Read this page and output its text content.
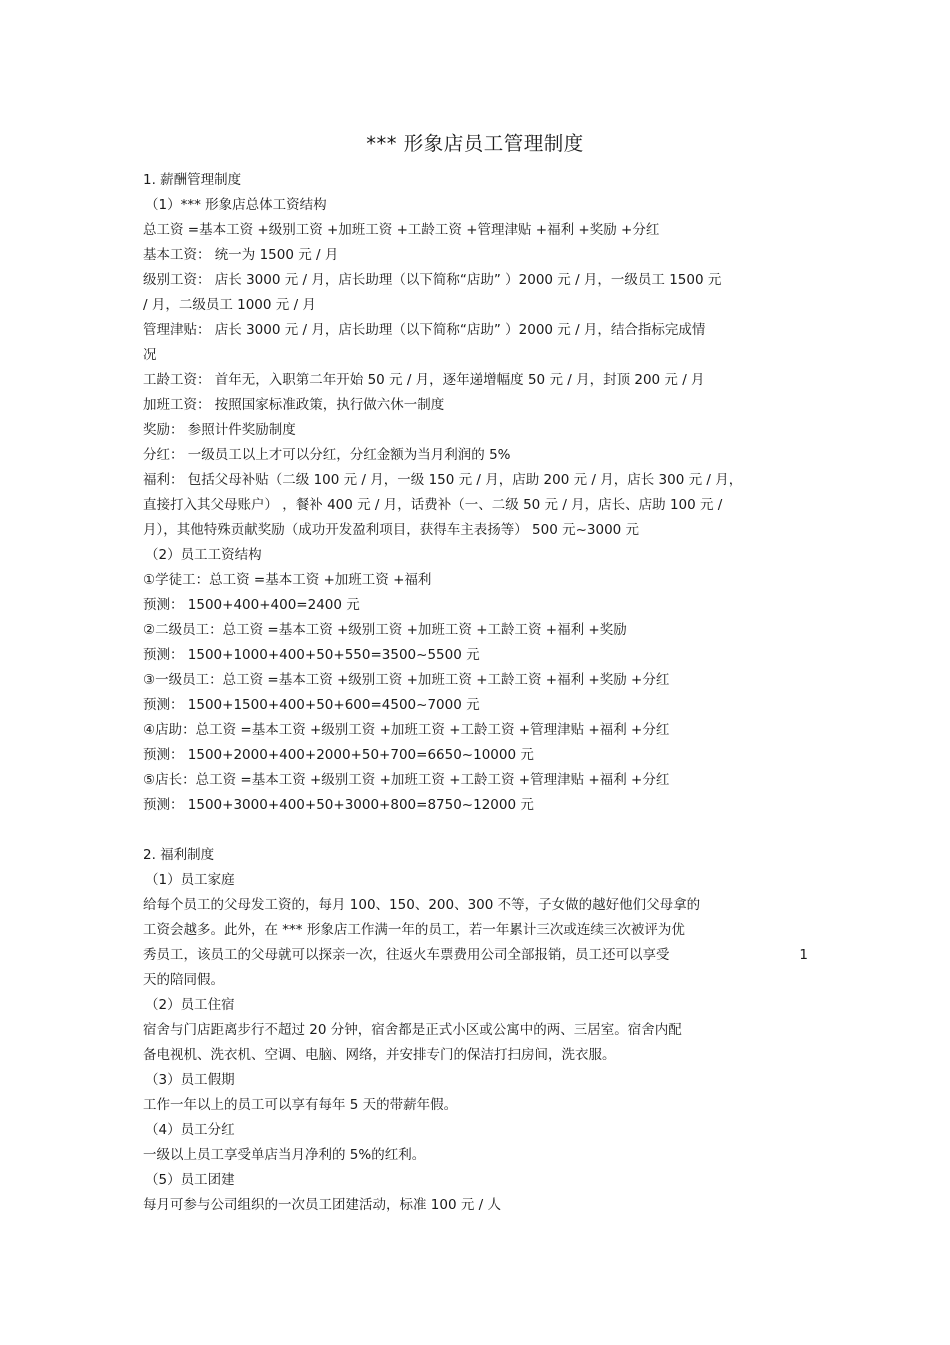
*** 形象店员工管理制度
1. 薪酬管理制度
（1）*** 形象店总体工资结构
总工资 =基本工资 +级别工资 +加班工资 +工龄工资 +管理津贴 +福利 +奖励 +分红
基本工资： 统一为 1500 元 / 月
级别工资： 店长 3000 元 / 月，店长助理（以下简称“店助” ）2000 元 / 月，一级员工 1500 元
/ 月，二级员工 1000 元 / 月
管理津贴： 店长 3000 元 / 月，店长助理（以下简称“店助” ）2000 元 / 月，结合指标完成情
况
工龄工资： 首年无，入职第二年开始 50 元 / 月，逐年递增幅度 50 元 / 月，封顶 200 元 / 月
加班工资： 按照国家标准政策，执行做六休一制度
奖励： 参照计件奖励制度
分红： 一级员工以上才可以分红，分红金额为当月利润的 5%
福利： 包括父母补贴（二级 100 元 / 月，一级 150 元 / 月，店助 200 元 / 月，店长 300 元 / 月，
直接打入其父母账户） ，餐补 400 元 / 月，话费补（一、二级 50 元 / 月，店长、店助 100 元 /
月），其他特殊贡献奖励（成功开发盈利项目，获得车主表扬等） 500 元~3000 元
（2）员工工资结构
①学徒工：总工资 =基本工资 +加班工资 +福利
预测： 1500+400+400=2400 元
②二级员工：总工资 =基本工资 +级别工资 +加班工资 +工龄工资 +福利 +奖励
预测： 1500+1000+400+50+550=3500~5500 元
③一级员工：总工资 =基本工资 +级别工资 +加班工资 +工龄工资 +福利 +奖励 +分红
预测： 1500+1500+400+50+600=4500~7000 元
④店助：总工资 =基本工资 +级别工资 +加班工资 +工龄工资 +管理津贴 +福利 +分红
预测： 1500+2000+400+2000+50+700=6650~10000 元
⑤店长：总工资 =基本工资 +级别工资 +加班工资 +工龄工资 +管理津贴 +福利 +分红
预测： 1500+3000+400+50+3000+800=8750~12000 元
2. 福利制度
（1）员工家庭
给每个员工的父母发工资的，每月 100、150、200、300 不等，子女做的越好他们父母拿的
工资会越多。此外，在 *** 形象店工作满一年的员工，若一年累计三次或连续三次被评为优
秀员工，该员工的父母就可以探亲一次，往返火车票费用公司全部报销，员工还可以享受	1
天的陪同假。
（2）员工住宿
宿舍与门店距离步行不超过 20 分钟，宿舍都是正式小区或公寓中的两、三居室。宿舍内配
备电视机、洗衣机、空调、电脑、网络，并安排专门的保洁打扫房间，洗衣服。
（3）员工假期
工作一年以上的员工可以享有每年 5 天的带薪年假。
（4）员工分红
一级以上员工享受单店当月净利的 5%的红利。
（5）员工团建
每月可参与公司组织的一次员工团建活动，标准 100 元 / 人
